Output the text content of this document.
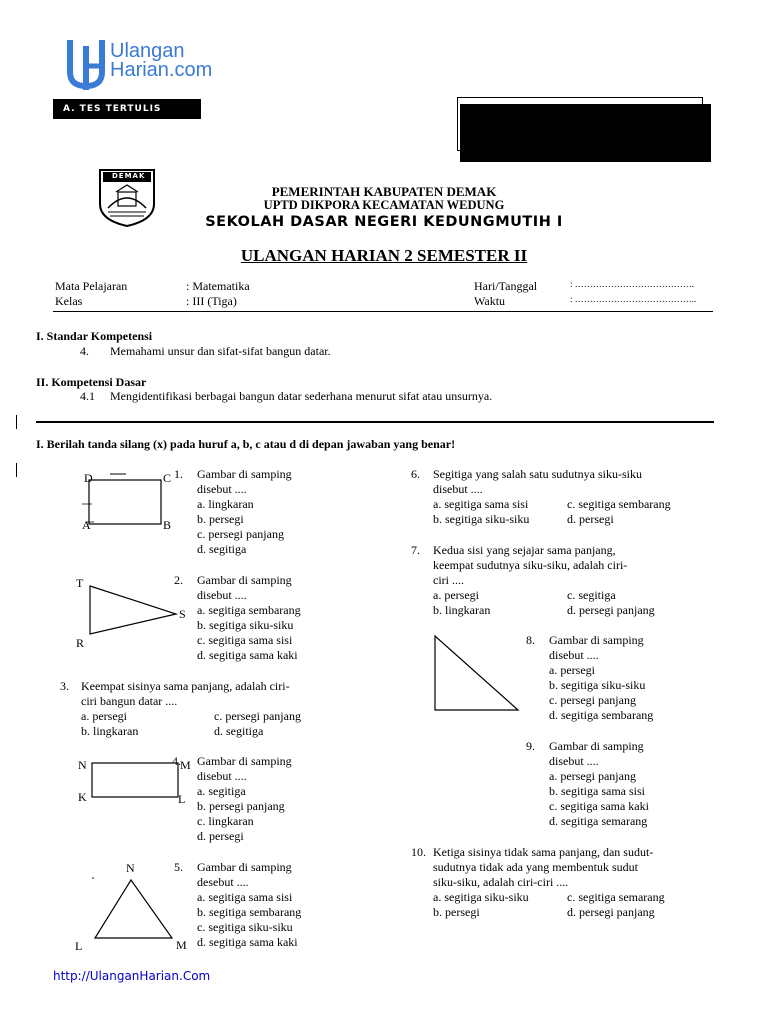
Ulangan
Harian.com
A. TES TERTULIS
DEMAK
PEMERINTAH KABUPATEN DEMAK
UPTD DIKPORA KECAMATAN WEDUNG
SEKOLAH DASAR NEGERI KEDUNGMUTIH I
ULANGAN HARIAN 2 SEMESTER II
Mata Pelajaran	: Matematika
Kelas	: III (Tiga)
Hari/Tanggal	: ………………………………….
Waktu	: …………………………………..
I. Standar Kompetensi
4. Memahami unsur dan sifat-sifat bangun datar.
II. Kompetensi Dasar
4.1 Mengidentifikasi berbagai bangun datar sederhana menurut sifat atau unsurnya.
I. Berilah tanda silang (x) pada huruf a, b, c atau d di depan jawaban yang benar!
D	C
A	B
T
S
R
N	M
K	L
N
L	M
1. Gambar di samping
disebut ....
a. lingkaran
b. persegi
c. persegi panjang
d. segitiga
2. Gambar di samping
disebut ....
a. segitiga sembarang
b. segitiga siku-siku
c. segitiga sama sisi
d. segitiga sama kaki
3. Keempat sisinya sama panjang, adalah ciri-
ciri bangun datar ....
a. persegi
b. lingkaran
c. persegi panjang
d. segitiga
4. Gambar di samping
disebut ....
a. segitiga
b. persegi panjang
c. lingkaran
d. persegi
5. Gambar di samping
desebut ....
a. segitiga sama sisi
b. segitiga sembarang
c. segitiga siku-siku
d. segitiga sama kaki
6. Segitiga yang salah satu sudutnya siku-siku
disebut ....
a. segitiga sama sisi
b. segitiga siku-siku
c. segitiga sembarang
d. persegi
7. Kedua sisi yang sejajar sama panjang,
keempat sudutnya siku-siku, adalah ciri-
ciri ....
a. persegi
b. lingkaran
c. segitiga
d. persegi panjang
8. Gambar di samping
disebut ....
a. persegi
b. segitiga siku-siku
c. persegi panjang
d. segitiga sembarang
9. Gambar di samping
disebut ....
a. persegi panjang
b. segitiga sama sisi
c. segitiga sama kaki
d. segitiga semarang
10. Ketiga sisinya tidak sama panjang, dan sudut-
sudutnya tidak ada yang membentuk sudut
siku-siku, adalah ciri-ciri ....
a. segitiga siku-siku
b. persegi
c. segitiga semarang
d. persegi panjang
http://UlanganHarian.Com
